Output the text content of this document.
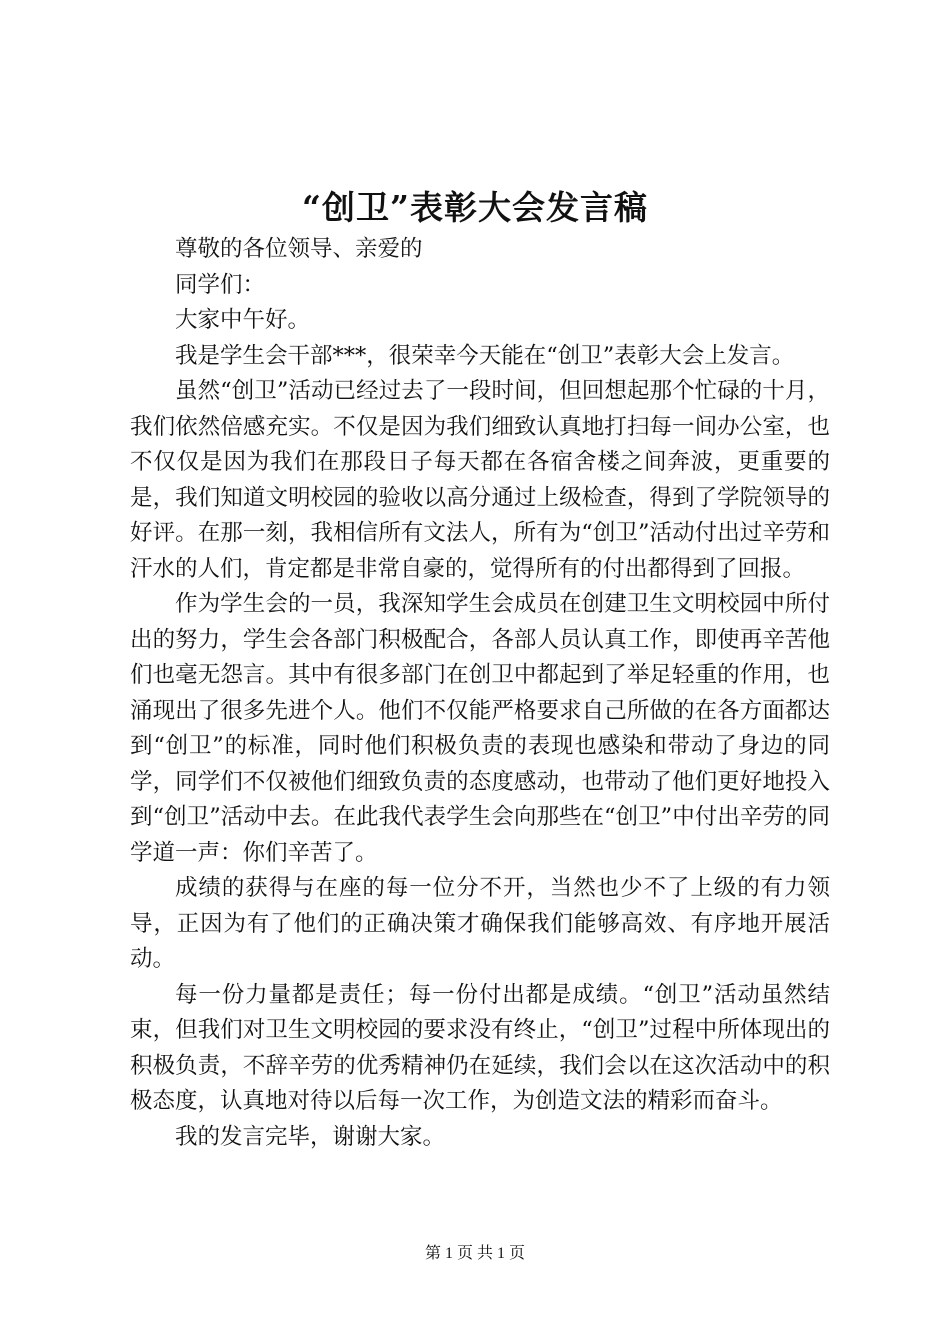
“创卫”表彰大会发言稿

尊敬的各位领导、亲爱的

同学们：

大家中午好。

我是学生会干部***，很荣幸今天能在“创卫”表彰大会上发言。

虽然“创卫”活动已经过去了一段时间，但回想起那个忙碌的十月，我们依然倍感充实。不仅是因为我们细致认真地打扫每一间办公室，也不仅仅是因为我们在那段日子每天都在各宿舍楼之间奔波，更重要的是，我们知道文明校园的验收以高分通过上级检查，得到了学院领导的好评。在那一刻，我相信所有文法人，所有为“创卫”活动付出过辛劳和汗水的人们，肯定都是非常自豪的，觉得所有的付出都得到了回报。

作为学生会的一员，我深知学生会成员在创建卫生文明校园中所付出的努力，学生会各部门积极配合，各部人员认真工作，即使再辛苦他们也毫无怨言。其中有很多部门在创卫中都起到了举足轻重的作用，也涌现出了很多先进个人。他们不仅能严格要求自己所做的在各方面都达到“创卫”的标准，同时他们积极负责的表现也感染和带动了身边的同学，同学们不仅被他们细致负责的态度感动，也带动了他们更好地投入到“创卫”活动中去。在此我代表学生会向那些在“创卫”中付出辛劳的同学道一声：你们辛苦了。

成绩的获得与在座的每一位分不开，当然也少不了上级的有力领导，正因为有了他们的正确决策才确保我们能够高效、有序地开展活动。

每一份力量都是责任；每一份付出都是成绩。“创卫”活动虽然结束，但我们对卫生文明校园的要求没有终止，“创卫”过程中所体现出的积极负责，不辞辛劳的优秀精神仍在延续，我们会以在这次活动中的积极态度，认真地对待以后每一次工作，为创造文法的精彩而奋斗。

我的发言完毕，谢谢大家。

第 1 页 共 1 页
